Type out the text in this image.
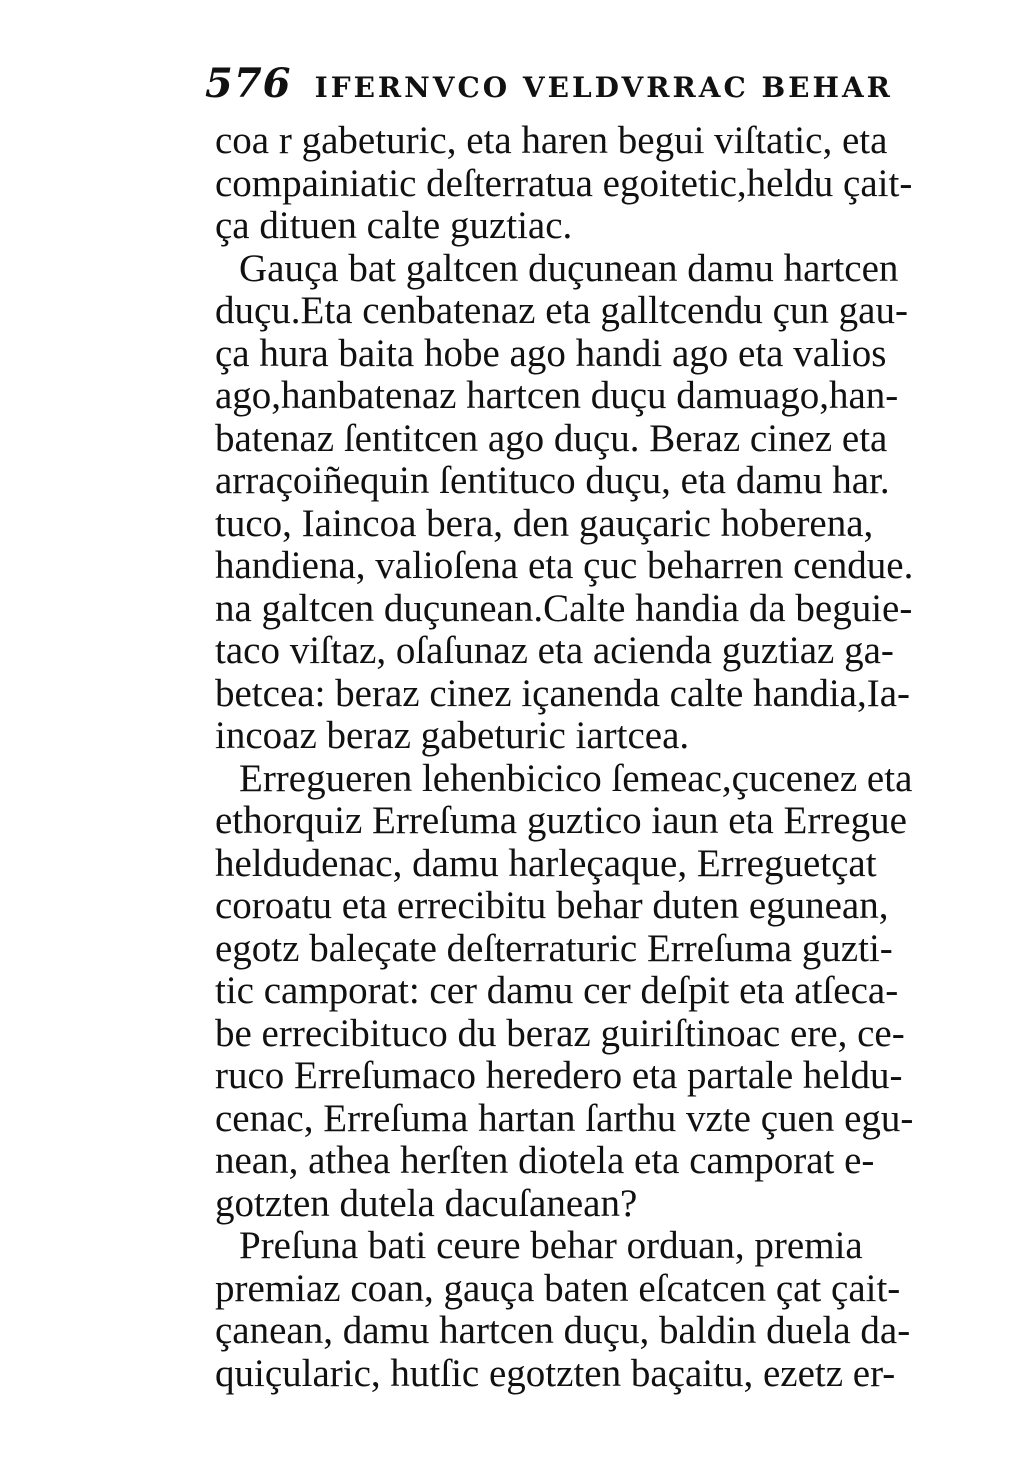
576 IFERNVCO VELDVRRAC BEHAR
coa r gabeturic, eta haren begui viſtatic, eta
compainiatic deſterratua egoitetic,heldu çait-
ça dituen calte guztiac.
Gauça bat galtcen duçunean damu hartcen
duçu.Eta cenbatenaz eta galltcendu çun gau-
ça hura baita hobe ago handi ago eta valios
ago,hanbatenaz hartcen duçu damuago,han-
batenaz ſentitcen ago duçu. Beraz cinez eta
arraçoiñequin ſentituco duçu, eta damu har.
tuco, Iaincoa bera, den gauçaric hoberena,
handiena, valioſena eta çuc beharren cendue.
na galtcen duçunean.Calte handia da beguie-
taco viſtaz, oſaſunaz eta acienda guztiaz ga-
betcea: beraz cinez içanenda calte handia,Ia-
incoaz beraz gabeturic iartcea.
Erregueren lehenbicico ſemeac,çucenez eta
ethorquiz Erreſuma guztico iaun eta Erregue
heldudenac, damu harleçaque, Erreguetçat
coroatu eta errecibitu behar duten egunean,
egotz baleçate deſterraturic Erreſuma guzti-
tic camporat: cer damu cer deſpit eta atſeca-
be errecibituco du beraz guiriſtinoac ere, ce-
ruco Erreſumaco heredero eta partale heldu-
cenac, Erreſuma hartan ſarthu vzte çuen egu-
nean, athea herſten diotela eta camporat e-
gotzten dutela dacuſanean?
Preſuna bati ceure behar orduan, premia
premiaz coan, gauça baten eſcatcen çat çait-
çanean, damu hartcen duçu, baldin duela da-
quiçularic, hutſic egotzten baçaitu, ezetz er-
